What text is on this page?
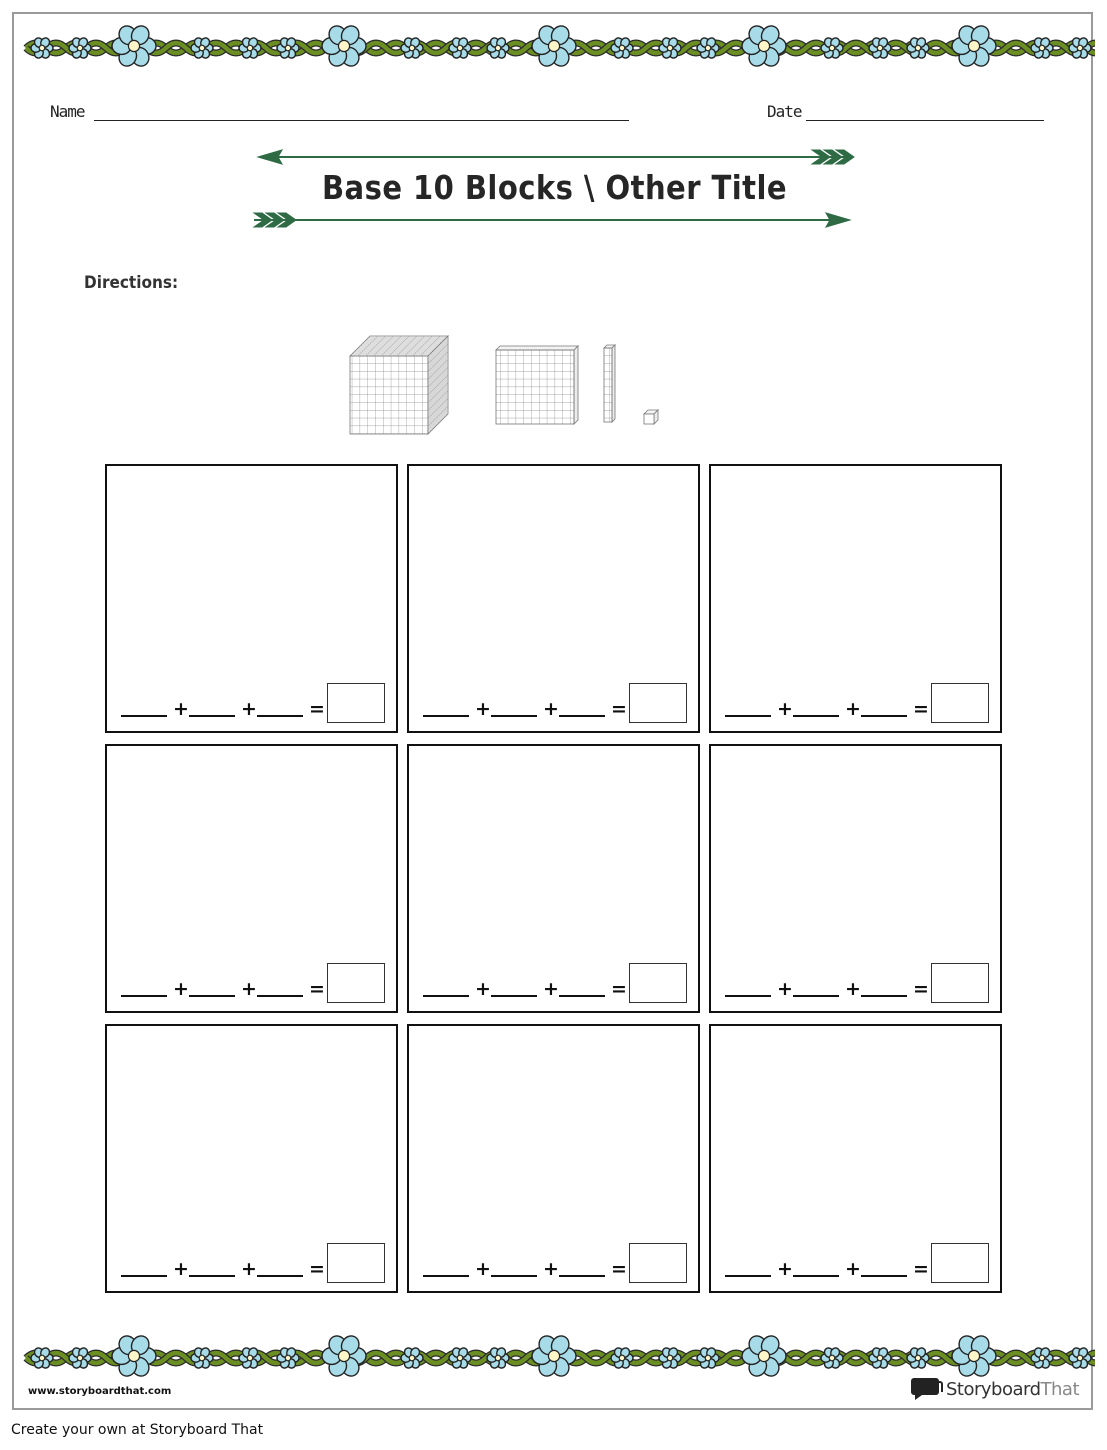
Name	Date
Base 10 Blocks \ Other Title
Directions:
+	+	=	+	+	=	+	+	=
+	+	=	+	+	=	+	+	=
+	+	=	+	+	=	+	+	=
www.storyboardthat.com	StoryboardThat
Create your own at Storyboard That
